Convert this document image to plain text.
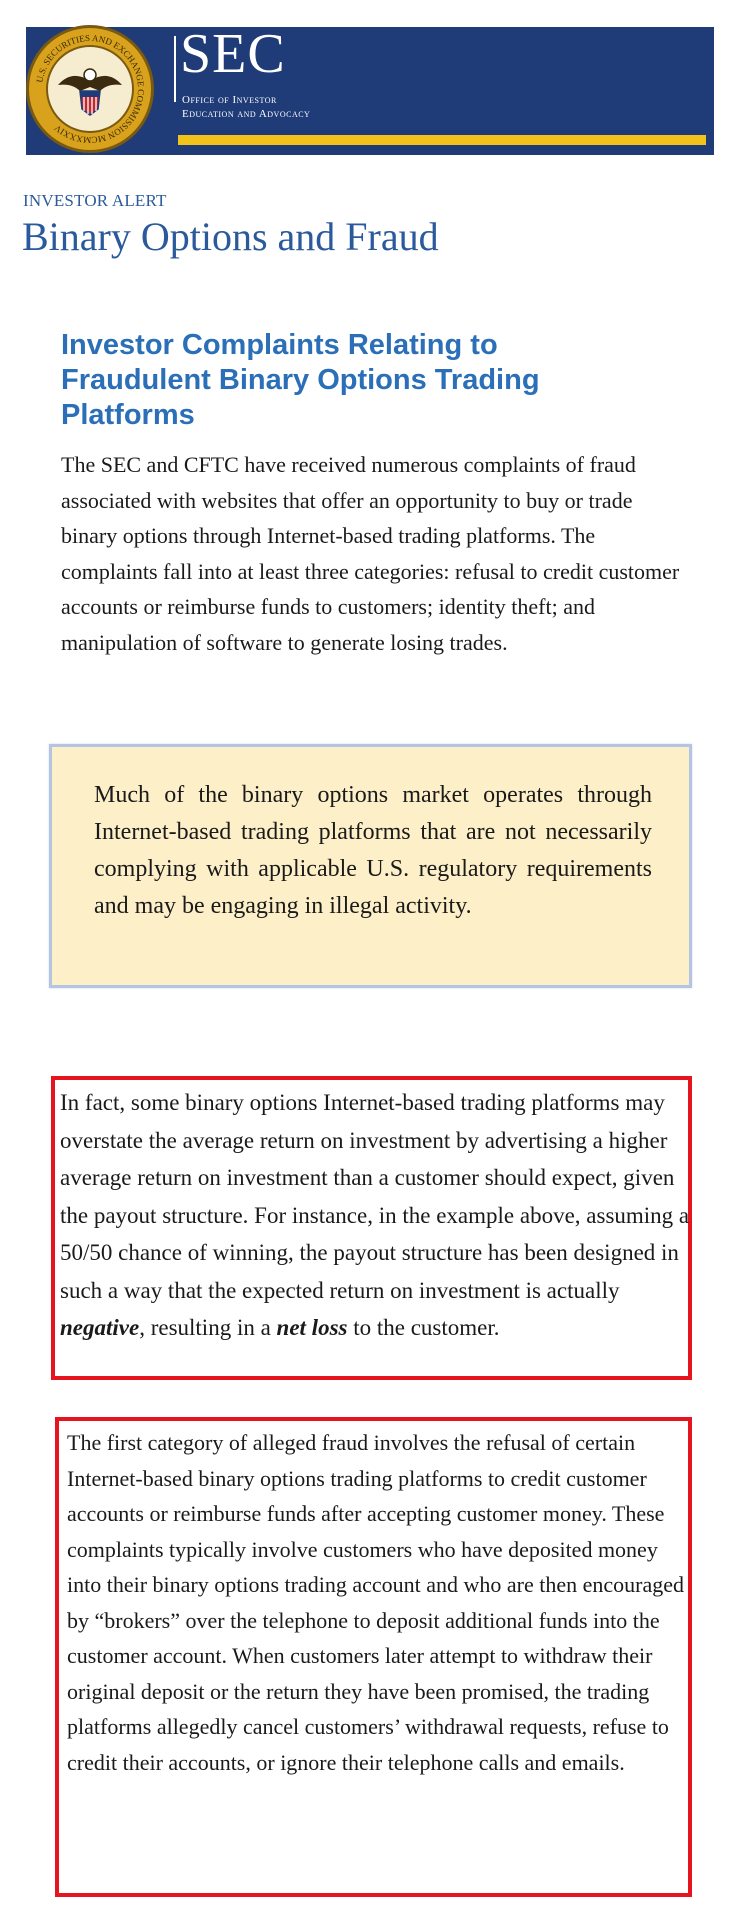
SEC
Office of Investor
Education and Advocacy
U.S. SECURITIES AND EXCHANGE COMMISSION MCMXXXIV
INVESTOR ALERT
Binary Options and Fraud
Investor Complaints Relating to Fraudulent Binary Options Trading Platforms

The SEC and CFTC have received numerous complaints of fraud associated with websites that offer an opportunity to buy or trade binary options through Internet-based trading platforms. The complaints fall into at least three categories: refusal to credit customer accounts or reimburse funds to customers; identity theft; and manipulation of software to generate losing trades.

Much of the binary options market operates through Internet-based trading platforms that are not necessarily complying with applicable U.S. regulatory requirements and may be engaging in illegal activity.

In fact, some binary options Internet-based trading platforms may overstate the average return on investment by advertising a higher average return on investment than a customer should expect, given the payout structure. For instance, in the example above, assuming a 50/50 chance of winning, the payout structure has been designed in such a way that the expected return on investment is actually negative, resulting in a net loss to the customer.

The first category of alleged fraud involves the refusal of certain Internet-based binary options trading platforms to credit customer accounts or reimburse funds after accepting customer money. These complaints typically involve customers who have deposited money into their binary options trading account and who are then encouraged by “brokers” over the telephone to deposit additional funds into the customer account. When customers later attempt to withdraw their original deposit or the return they have been promised, the trading platforms allegedly cancel customers’ withdrawal requests, refuse to credit their accounts, or ignore their telephone calls and emails.
